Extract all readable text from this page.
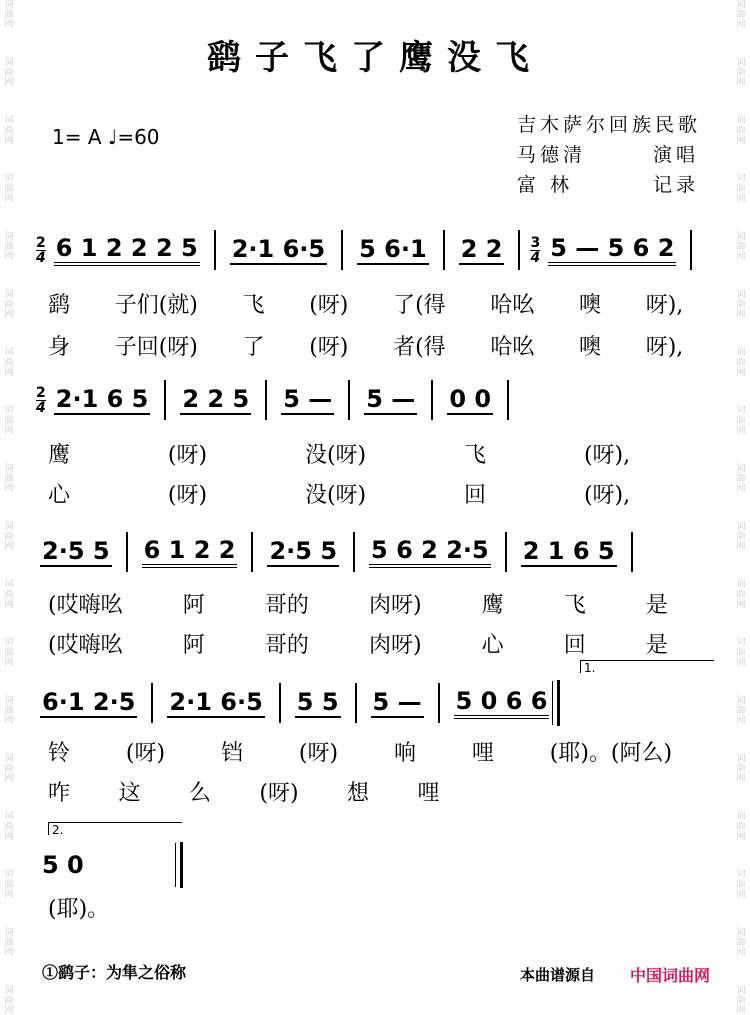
词
曲
网
词
曲
网
词
曲
网
词
曲
网
词
曲
网
词
曲
网
词
曲
网
词
曲
网
词
曲
网
词
曲
网
词
曲
网
词
曲
网
词
曲
网
词
曲
网
词
曲
网
词
曲
网
词
曲
网
词
曲
网
词
曲
网
词
曲
网
词
曲
网
词
曲
网
词
曲
网
词
曲
网
词
曲
网
词
曲
网
词
曲
网
词
曲
网
词
曲
网
词
曲
网
词
曲
网
词
曲
网
词
曲
网
词
曲
网
词
曲
网
词
曲
网
鹞子飞了鹰没飞
1= A ♩=60
吉木萨尔回族民歌
马德清	演唱
富 林	记录
2
4 6 1 2 2 2 5 2·1 6·5 5 6·1 2 2 3
4 5 — 5 6 2
鹞	子们(就)	飞	(呀)	了(得	哈吆	噢	呀),
身	子回(呀)	了	(呀)	者(得	哈吆	噢	呀),
2
4 2·1 6 5 2 2 5 5 — 5 — 0 0
鹰	(呀)	没(呀)	飞	(呀),
心	(呀)	没(呀)	回	(呀),
2·5 5 6 1 2 2 2·5 5 5 6 2 2·5 2 1 6 5
(哎嗨吆	阿	哥的	肉呀)	鹰	飞	是
(哎嗨吆	阿	哥的	肉呀)	心	回	是
1.
6·1 2·5 2·1 6·5 5 5 5 — 5 0 6 6
铃	(呀)	铛	(呀)	响	哩	(耶)。(阿么)
咋	这	么	(呀)	想	哩
2.
5 0
(耶)。
①鹞子：为隼之俗称	本曲谱源自 中国词曲网
